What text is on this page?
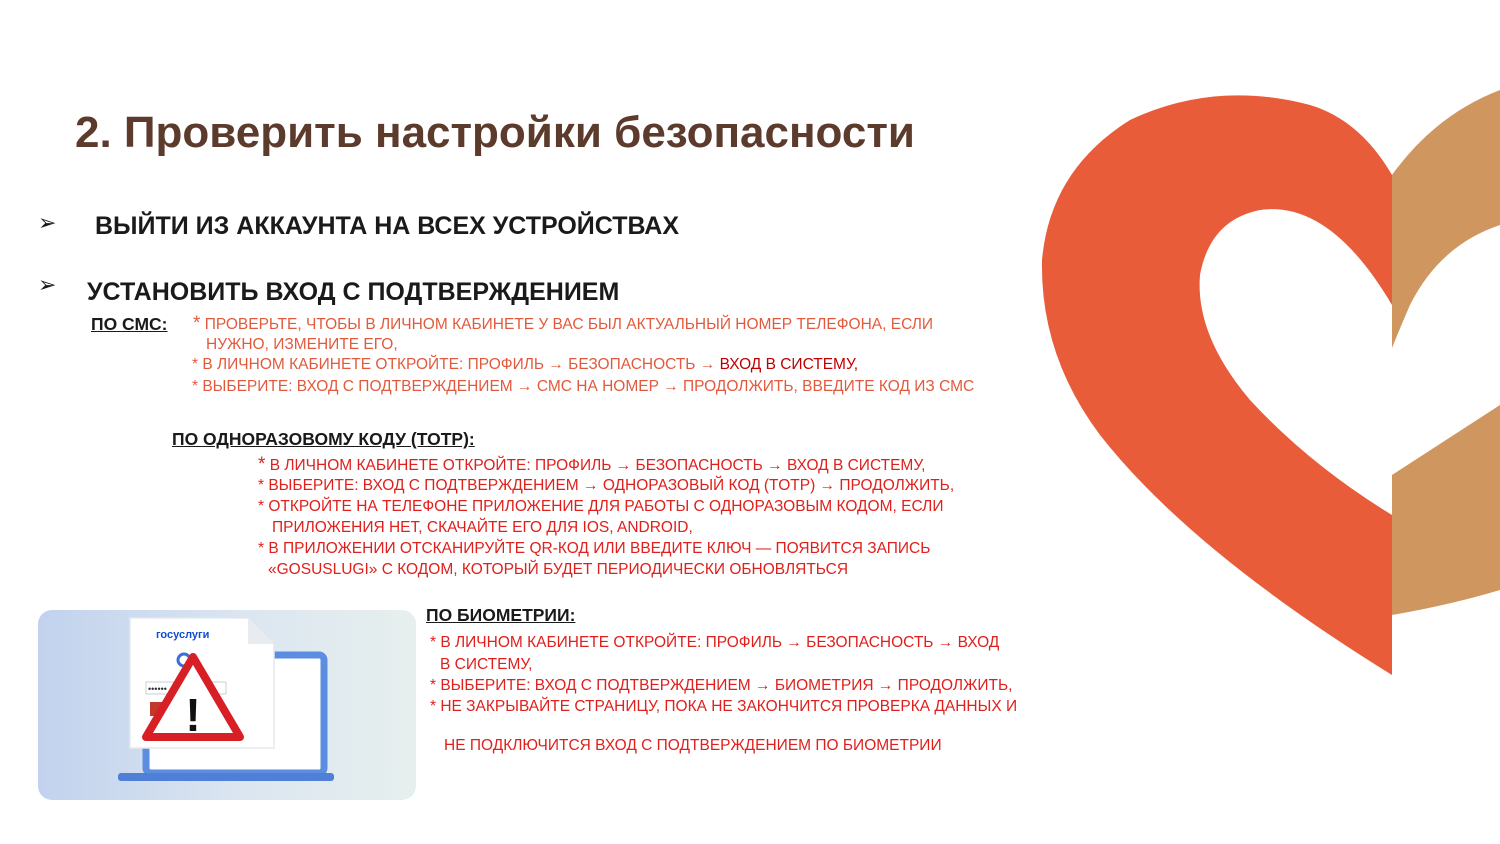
2. Проверить настройки безопасности
➢ ВЫЙТИ ИЗ АККАУНТА НА ВСЕХ УСТРОЙСТВАХ
➢ УСТАНОВИТЬ ВХОД С ПОДТВЕРЖДЕНИЕМ
ПО СМС: * ПРОВЕРЬТЕ, ЧТОБЫ В ЛИЧНОМ КАБИНЕТЕ У ВАС БЫЛ АКТУАЛЬНЫЙ НОМЕР ТЕЛЕФОНА, ЕСЛИ
НУЖНО, ИЗМЕНИТЕ ЕГО,
* В ЛИЧНОМ КАБИНЕТЕ ОТКРОЙТЕ: ПРОФИЛЬ → БЕЗОПАСНОСТЬ → ВХОД В СИСТЕМУ,
* ВЫБЕРИТЕ: ВХОД С ПОДТВЕРЖДЕНИЕМ → СМС НА НОМЕР → ПРОДОЛЖИТЬ, ВВЕДИТЕ КОД ИЗ СМС
ПО ОДНОРАЗОВОМУ КОДУ (TOTP):
* В ЛИЧНОМ КАБИНЕТЕ ОТКРОЙТЕ: ПРОФИЛЬ → БЕЗОПАСНОСТЬ → ВХОД В СИСТЕМУ,
* ВЫБЕРИТЕ: ВХОД С ПОДТВЕРЖДЕНИЕМ → ОДНОРАЗОВЫЙ КОД (TOTP) → ПРОДОЛЖИТЬ,
* ОТКРОЙТЕ НА ТЕЛЕФОНЕ ПРИЛОЖЕНИЕ ДЛЯ РАБОТЫ С ОДНОРАЗОВЫМ КОДОМ, ЕСЛИ
ПРИЛОЖЕНИЯ НЕТ, СКАЧАЙТЕ ЕГО ДЛЯ IOS, ANDROID,
* В ПРИЛОЖЕНИИ ОТСКАНИРУЙТЕ QR-КОД ИЛИ ВВЕДИТЕ КЛЮЧ — ПОЯВИТСЯ ЗАПИСЬ
«GOSUSLUGI» С КОДОМ, КОТОРЫЙ БУДЕТ ПЕРИОДИЧЕСКИ ОБНОВЛЯТЬСЯ
ПО БИОМЕТРИИ:
* В ЛИЧНОМ КАБИНЕТЕ ОТКРОЙТЕ: ПРОФИЛЬ → БЕЗОПАСНОСТЬ → ВХОД
В СИСТЕМУ,
* ВЫБЕРИТЕ: ВХОД С ПОДТВЕРЖДЕНИЕМ → БИОМЕТРИЯ → ПРОДОЛЖИТЬ,
* НЕ ЗАКРЫВАЙТЕ СТРАНИЦУ, ПОКА НЕ ЗАКОНЧИТСЯ ПРОВЕРКА ДАННЫХ И
НЕ ПОДКЛЮЧИТСЯ ВХОД С ПОДТВЕРЖДЕНИЕМ ПО БИОМЕТРИИ
госуслуги
•••••• !
